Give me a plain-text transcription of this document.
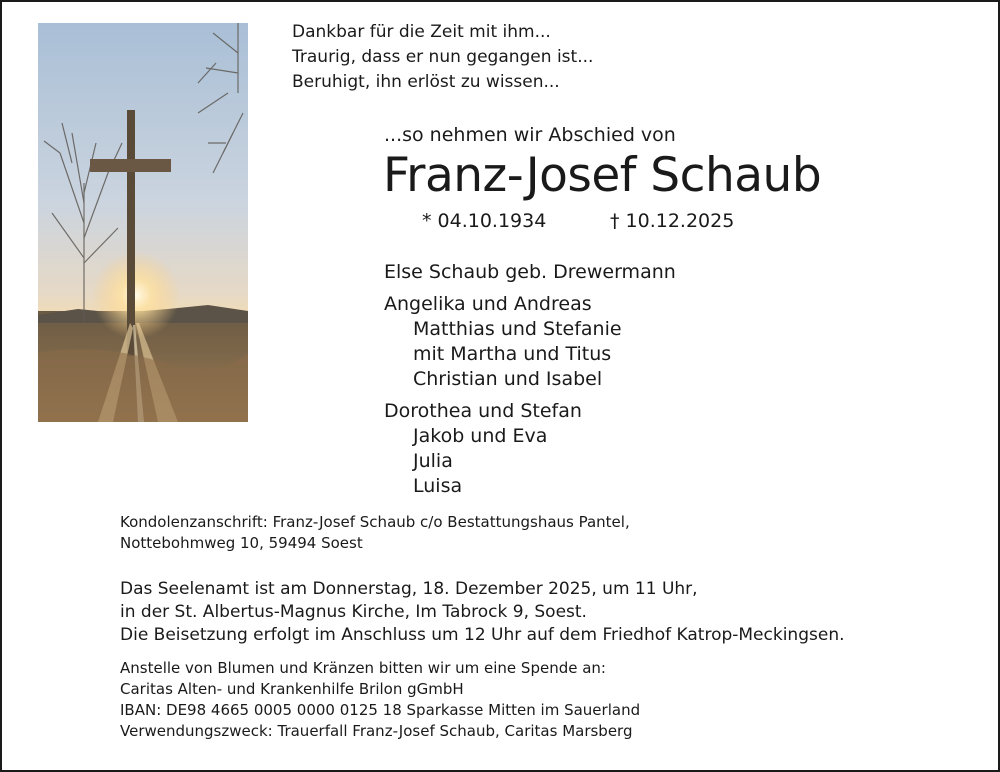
Dankbar für die Zeit mit ihm...
Traurig, dass er nun gegangen ist...
Beruhigt, ihn erlöst zu wissen...
...so nehmen wir Abschied von
Franz-Josef Schaub
* 04.10.1934	† 10.12.2025
Else Schaub geb. Drewermann
Angelika und Andreas
Matthias und Stefanie
mit Martha und Titus
Christian und Isabel
Dorothea und Stefan
Jakob und Eva
Julia
Luisa
Kondolenzanschrift: Franz-Josef Schaub c/o Bestattungshaus Pantel,
Nottebohmweg 10, 59494 Soest
Das Seelenamt ist am Donnerstag, 18. Dezember 2025, um 11 Uhr,
in der St. Albertus-Magnus Kirche, Im Tabrock 9, Soest.
Die Beisetzung erfolgt im Anschluss um 12 Uhr auf dem Friedhof Katrop-Meckingsen.
Anstelle von Blumen und Kränzen bitten wir um eine Spende an:
Caritas Alten- und Krankenhilfe Brilon gGmbH
IBAN: DE98 4665 0005 0000 0125 18 Sparkasse Mitten im Sauerland
Verwendungszweck: Trauerfall Franz-Josef Schaub, Caritas Marsberg
